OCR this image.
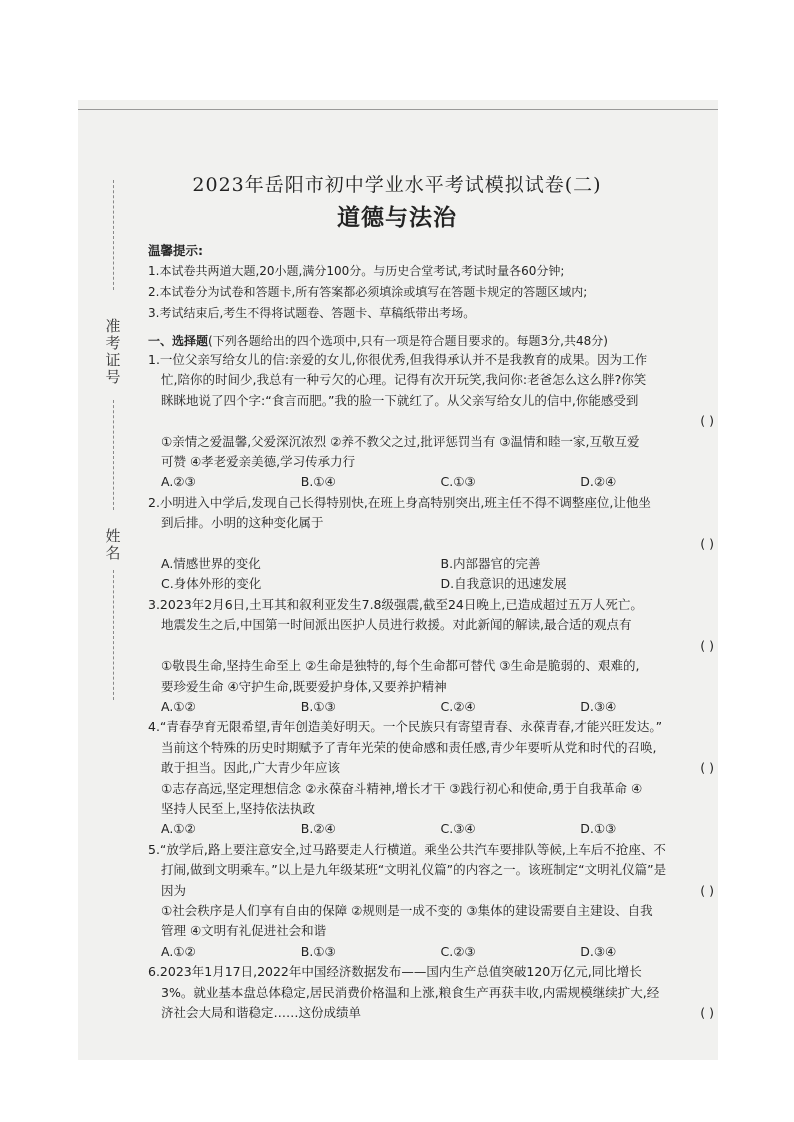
准考证号
姓名
2023年岳阳市初中学业水平考试模拟试卷(二)
道德与法治
温馨提示:
1.本试卷共两道大题,20小题,满分100分。与历史合堂考试,考试时量各60分钟;
2.本试卷分为试卷和答题卡,所有答案都必须填涂或填写在答题卡规定的答题区域内;
3.考试结束后,考生不得将试题卷、答题卡、草稿纸带出考场。
一、选择题(下列各题给出的四个选项中,只有一项是符合题目要求的。每题3分,共48分)
1.一位父亲写给女儿的信:亲爱的女儿,你很优秀,但我得承认并不是我教育的成果。因为工作
忙,陪你的时间少,我总有一种亏欠的心理。记得有次开玩笑,我问你:老爸怎么这么胖?你笑
眯眯地说了四个字:“食言而肥。”我的脸一下就红了。从父亲写给女儿的信中,你能感受到
( )
①亲情之爱温馨,父爱深沉浓烈 ②养不教父之过,批评惩罚当有 ③温情和睦一家,互敬互爱
可赞 ④孝老爱亲美德,学习传承力行
A.②③	B.①④	C.①③	D.②④
2.小明进入中学后,发现自己长得特别快,在班上身高特别突出,班主任不得不调整座位,让他坐
到后排。小明的这种变化属于
( )
A.情感世界的变化	B.内部器官的完善
C.身体外形的变化	D.自我意识的迅速发展
3.2023年2月6日,土耳其和叙利亚发生7.8级强震,截至24日晚上,已造成超过五万人死亡。
地震发生之后,中国第一时间派出医护人员进行救援。对此新闻的解读,最合适的观点有
( )
①敬畏生命,坚持生命至上 ②生命是独特的,每个生命都可替代 ③生命是脆弱的、艰难的,
要珍爱生命 ④守护生命,既要爱护身体,又要养护精神
A.①②	B.①③	C.②④	D.③④
4.“青春孕育无限希望,青年创造美好明天。一个民族只有寄望青春、永葆青春,才能兴旺发达。”
当前这个特殊的历史时期赋予了青年光荣的使命感和责任感,青少年要听从党和时代的召唤,
敢于担当。因此,广大青少年应该	( )
①志存高远,坚定理想信念 ②永葆奋斗精神,增长才干 ③践行初心和使命,勇于自我革命 ④
坚持人民至上,坚持依法执政
A.①②	B.②④	C.③④	D.①③
5.“放学后,路上要注意安全,过马路要走人行横道。乘坐公共汽车要排队等候,上车后不抢座、不
打闹,做到文明乘车。”以上是九年级某班“文明礼仪篇”的内容之一。该班制定“文明礼仪篇”是
因为	( )
①社会秩序是人们享有自由的保障 ②规则是一成不变的 ③集体的建设需要自主建设、自我
管理 ④文明有礼促进社会和谐
A.①②	B.①③	C.②③	D.③④
6.2023年1月17日,2022年中国经济数据发布——国内生产总值突破120万亿元,同比增长
3%。就业基本盘总体稳定,居民消费价格温和上涨,粮食生产再获丰收,内需规模继续扩大,经
济社会大局和谐稳定……这份成绩单	( )
